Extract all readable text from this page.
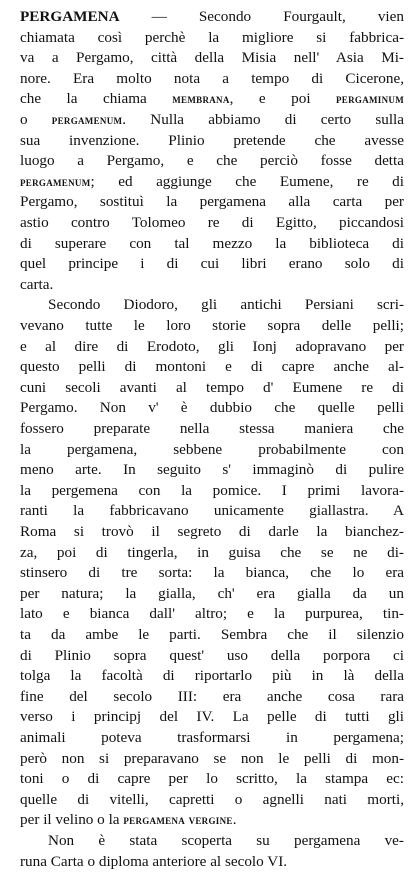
PERGAMENA — Secondo Fourgault, vien
chiamata così perchè la migliore si fabbrica-
va a Pergamo, città della Misia nell' Asia Mi-
nore. Era molto nota a tempo di Cicerone,
che la chiama membrana, e poi pergaminum
o pergamenum. Nulla abbiamo di certo sulla
sua invenzione. Plinio pretende che avesse
luogo a Pergamo, e che perciò fosse detta
pergamenum; ed aggiunge che Eumene, re di
Pergamo, sostituì la pergamena alla carta per
astio contro Tolomeo re di Egitto, piccandosi
di superare con tal mezzo la biblioteca di
quel principe i di cui libri erano solo di
carta.
Secondo Diodoro, gli antichi Persiani scri-
vevano tutte le loro storie sopra delle pelli;
e al dire di Erodoto, gli Ionj adopravano per
questo pelli di montoni e di capre anche al-
cuni secoli avanti al tempo d' Eumene re di
Pergamo. Non v' è dubbio che quelle pelli
fossero preparate nella stessa maniera che
la pergamena, sebbene probabilmente con
meno arte. In seguito s' immaginò di pulire
la pergemena con la pomice. I primi lavora-
ranti la fabbricavano unicamente giallastra. A
Roma si trovò il segreto di darle la bianchez-
za, poi di tingerla, in guisa che se ne di-
stinsero di tre sorta: la bianca, che lo era
per natura; la gialla, ch' era gialla da un
lato e bianca dall' altro; e la purpurea, tin-
ta da ambe le parti. Sembra che il silenzio
di Plinio sopra quest' uso della porpora ci
tolga la facoltà di riportarlo più in là della
fine del secolo III: era anche cosa rara
verso i principj del IV. La pelle di tutti gli
animali poteva trasformarsi in pergamena;
però non si preparavano se non le pelli di mon-
toni o di capre per lo scritto, la stampa ec:
quelle di vitelli, capretti o agnelli nati morti,
per il velino o la pergamena vergine.
Non è stata scoperta su pergamena ve-
runa Carta o diploma anteriore al secolo VI.
